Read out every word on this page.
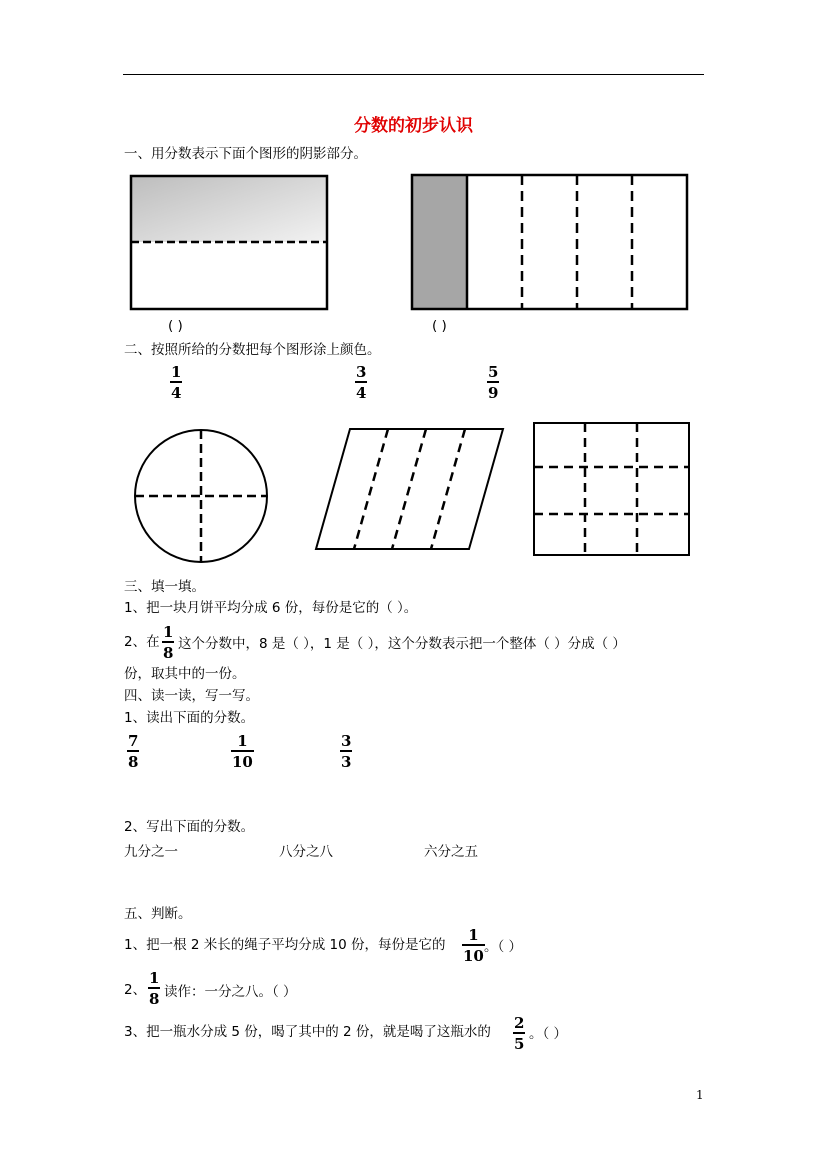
分数的初步认识
一、用分数表示下面个图形的阴影部分。
( )	( )
二、按照所给的分数把每个图形涂上颜色。
1
4
3
4
5
9
三、填一填。
1、把一块月饼平均分成 6 份，每份是它的（ ）。
2、在
1
8 这个分数中，8 是（ ），1 是（ ），这个分数表示把一个整体（ ）分成（ ）
份，取其中的一份。
四、读一读，写一写。
1、读出下面的分数。
7
8
1
10
3
3
2、写出下面的分数。
九分之一	八分之八	六分之五
五、判断。
1、把一根 2 米长的绳子平均分成 10 份，每份是它的
1
10 。（ ）
2、
1
8 读作：一分之八。（ ）
3、把一瓶水分成 5 份，喝了其中的 2 份，就是喝了这瓶水的 2
5
。（ ）
1
